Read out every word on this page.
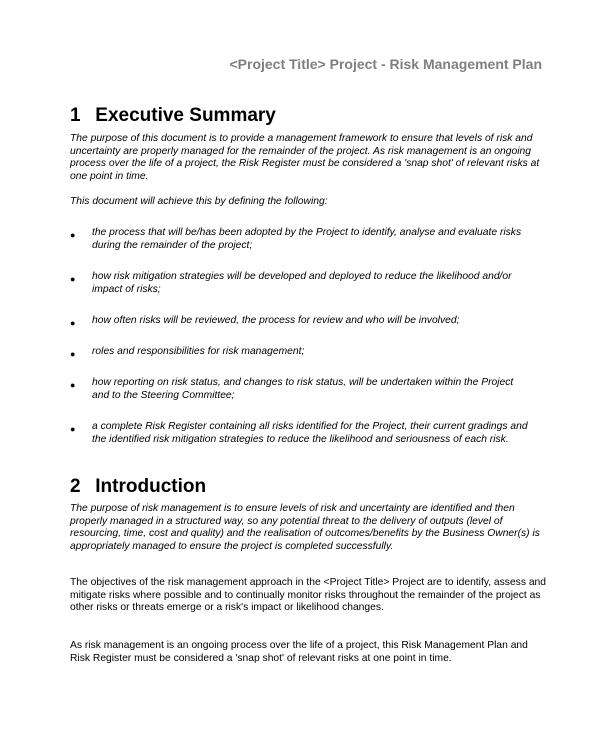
<Project Title> Project - Risk Management Plan
1 Executive Summary

The purpose of this document is to provide a management framework to ensure that levels of risk and uncertainty are properly managed for the remainder of the project. As risk management is an ongoing process over the life of a project, the Risk Register must be considered a 'snap shot' of relevant risks at one point in time.

This document will achieve this by defining the following:

● the process that will be/has been adopted by the Project to identify, analyse and evaluate risks during the remainder of the project;
● how risk mitigation strategies will be developed and deployed to reduce the likelihood and/or impact of risks;
● how often risks will be reviewed, the process for review and who will be involved;
● roles and responsibilities for risk management;
● how reporting on risk status, and changes to risk status, will be undertaken within the Project and to the Steering Committee;
● a complete Risk Register containing all risks identified for the Project, their current gradings and the identified risk mitigation strategies to reduce the likelihood and seriousness of each risk.
2 Introduction

The purpose of risk management is to ensure levels of risk and uncertainty are identified and then properly managed in a structured way, so any potential threat to the delivery of outputs (level of resourcing, time, cost and quality) and the realisation of outcomes/benefits by the Business Owner(s) is appropriately managed to ensure the project is completed successfully.

The objectives of the risk management approach in the <Project Title> Project are to identify, assess and mitigate risks where possible and to continually monitor risks throughout the remainder of the project as other risks or threats emerge or a risk's impact or likelihood changes.

As risk management is an ongoing process over the life of a project, this Risk Management Plan and Risk Register must be considered a 'snap shot' of relevant risks at one point in time.
